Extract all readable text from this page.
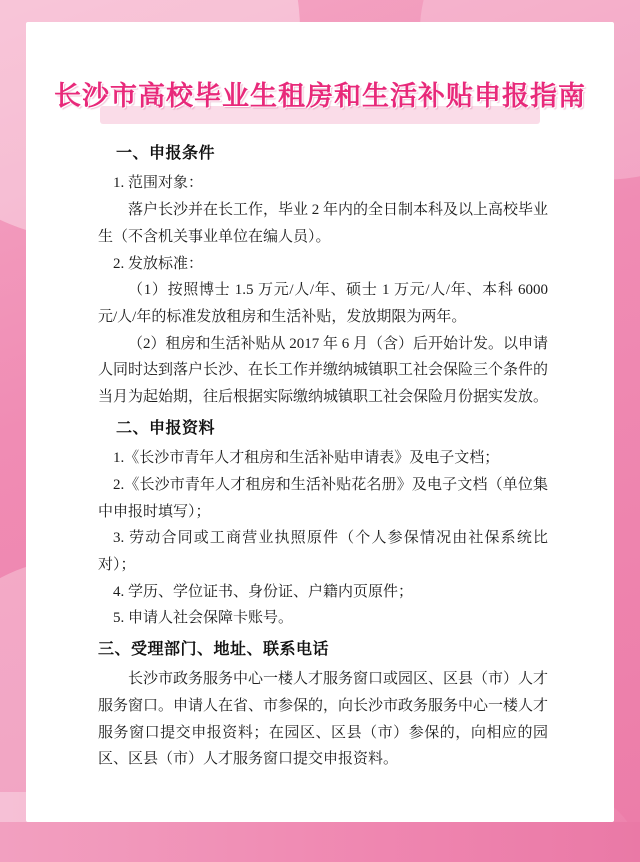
长沙市高校毕业生租房和生活补贴申报指南
一、申报条件

1. 范围对象：

落户长沙并在长工作，毕业 2 年内的全日制本科及以上高校毕业生（不含机关事业单位在编人员）。

2. 发放标准：

（1）按照博士 1.5 万元/人/年、硕士 1 万元/人/年、本科 6000 元/人/年的标准发放租房和生活补贴，发放期限为两年。

（2）租房和生活补贴从 2017 年 6 月（含）后开始计发。以申请人同时达到落户长沙、在长工作并缴纳城镇职工社会保险三个条件的当月为起始期，往后根据实际缴纳城镇职工社会保险月份据实发放。

二、申报资料

1.《长沙市青年人才租房和生活补贴申请表》及电子文档；

2.《长沙市青年人才租房和生活补贴花名册》及电子文档（单位集中申报时填写）；

3. 劳动合同或工商营业执照原件（个人参保情况由社保系统比对）；

4. 学历、学位证书、身份证、户籍内页原件；

5. 申请人社会保障卡账号。

三、受理部门、地址、联系电话

长沙市政务服务中心一楼人才服务窗口或园区、区县（市）人才服务窗口。申请人在省、市参保的，向长沙市政务服务中心一楼人才服务窗口提交申报资料；在园区、区县（市）参保的，向相应的园区、区县（市）人才服务窗口提交申报资料。
